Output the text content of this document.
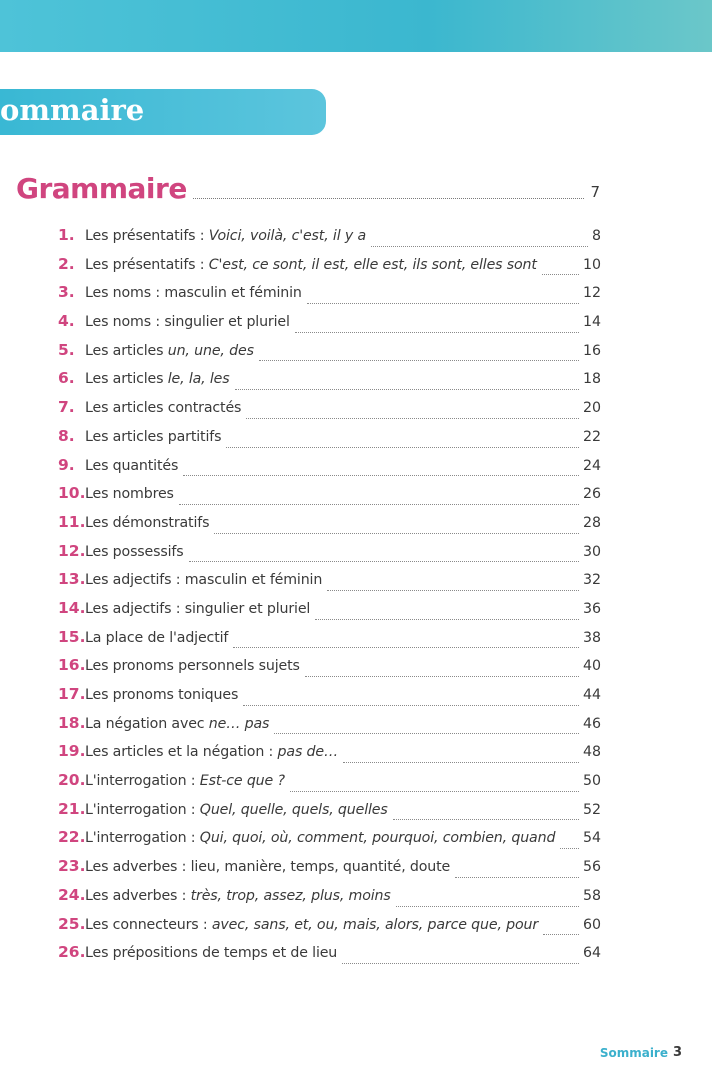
ommaire
Grammaire	7
1. Les présentatifs : Voici, voilà, c'est, il y a	8
2. Les présentatifs : C'est, ce sont, il est, elle est, ils sont, elles sont	10
3. Les noms : masculin et féminin	12
4. Les noms : singulier et pluriel	14
5. Les articles un, une, des	16
6. Les articles le, la, les	18
7. Les articles contractés	20
8. Les articles partitifs	22
9. Les quantités	24
10. Les nombres	26
11. Les démonstratifs	28
12. Les possessifs	30
13. Les adjectifs : masculin et féminin	32
14. Les adjectifs : singulier et pluriel	36
15. La place de l'adjectif	38
16. Les pronoms personnels sujets	40
17. Les pronoms toniques	44
18. La négation avec ne… pas	46
19. Les articles et la négation : pas de…	48
20. L'interrogation : Est-ce que ?	50
21. L'interrogation : Quel, quelle, quels, quelles	52
22. L'interrogation : Qui, quoi, où, comment, pourquoi, combien, quand 54
23. Les adverbes : lieu, manière, temps, quantité, doute	56
24. Les adverbes : très, trop, assez, plus, moins	58
25. Les connecteurs : avec, sans, et, ou, mais, alors, parce que, pour	60
26. Les prépositions de temps et de lieu	64
Sommaire 3
